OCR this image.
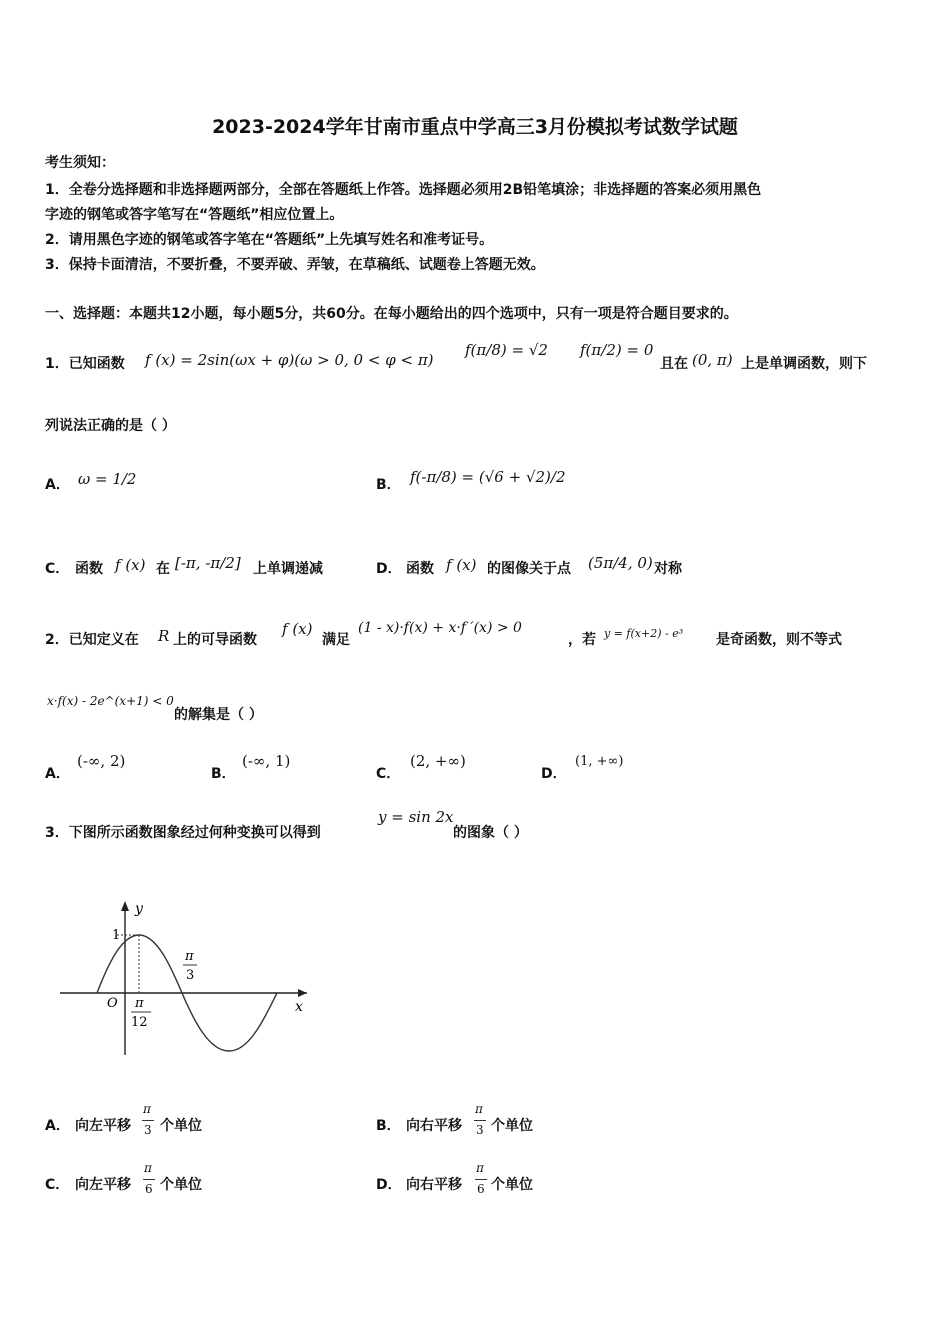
2023-2024学年甘南市重点中学高三3月份模拟考试数学试题
考生须知：
1．全卷分选择题和非选择题两部分，全部在答题纸上作答。选择题必须用2B铅笔填涂；非选择题的答案必须用黑色
字迹的钢笔或答字笔写在“答题纸”相应位置上。
2．请用黑色字迹的钢笔或答字笔在“答题纸”上先填写姓名和准考证号。
3．保持卡面清洁，不要折叠，不要弄破、弄皱，在草稿纸、试题卷上答题无效。
一、选择题：本题共12小题，每小题5分，共60分。在每小题给出的四个选项中，只有一项是符合题目要求的。
1．已知函数 f (x) = 2sin(ωx + φ)(ω > 0, 0 < φ < π)
f(π/8) = √2 f(π/2) = 0
且在 (0, π) 上是单调函数，则下
列说法正确的是（ ）
A． ω = 1/2	B． f(-π/8) = (√6 + √2)/2
C． 函数 f (x) 在 [-π, -π/2] 上单调递减	D． 函数 f (x) 的图像关于点 (5π/4, 0) 对称
2．已知定义在 R 上的可导函数
f (x)
满足
(1 - x)·f(x) + x·f ′(x) > 0
，若 y = f(x+2) - e³ 是奇函数，则不等式
x·f(x) - 2e^(x+1) < 0
的解集是（ ）
A．
(-∞, 2)
B．
(-∞, 1)
C．
(2, +∞)
D．
(1, +∞)
3．下图所示函数图象经过何种变换可以得到
y = sin 2x
的图象（ ）
y
x
O
1
π
3
π
12
A． 向左平移
π
3 个单位	B． 向右平移
π
3 个单位
C． 向左平移
π
6 个单位	D． 向右平移
π
6 个单位
